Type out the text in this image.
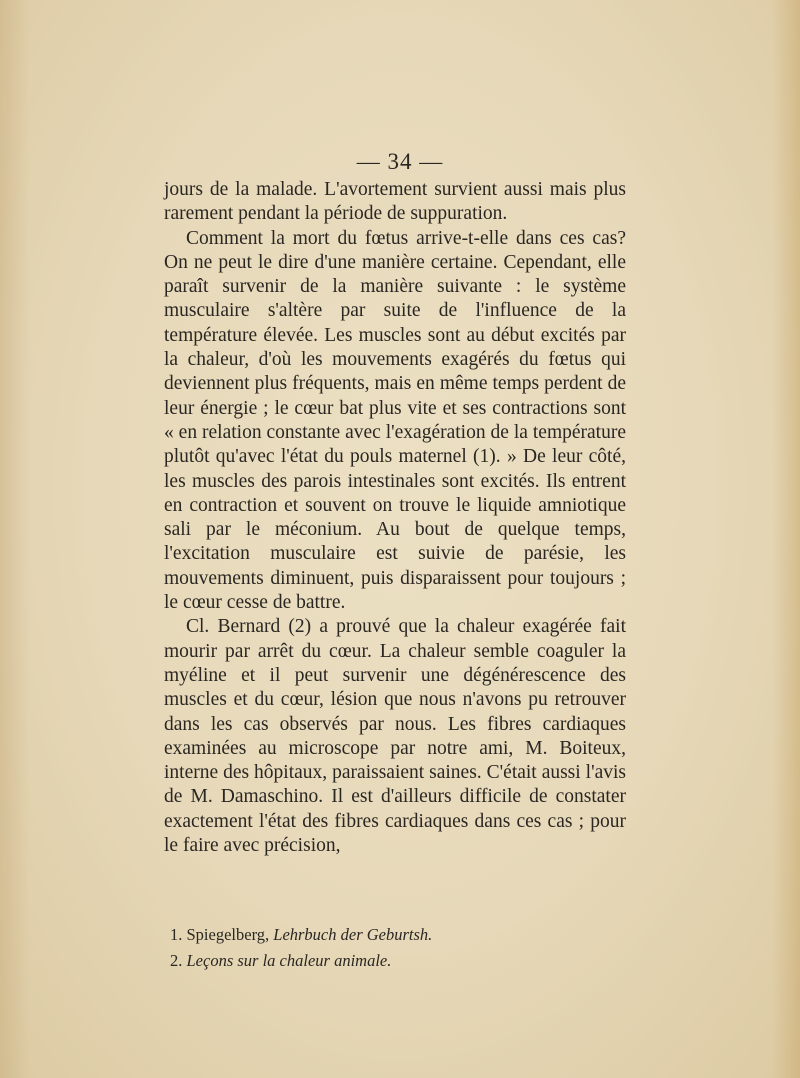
— 34 —

jours de la malade. L'avortement survient aussi mais plus rarement pendant la période de suppuration.

Comment la mort du fœtus arrive-t-elle dans ces cas? On ne peut le dire d'une manière certaine. Cependant, elle paraît survenir de la manière suivante : le système musculaire s'altère par suite de l'influence de la température élevée. Les muscles sont au début excités par la chaleur, d'où les mouvements exagérés du fœtus qui deviennent plus fréquents, mais en même temps perdent de leur énergie ; le cœur bat plus vite et ses contractions sont « en relation constante avec l'exagération de la température plutôt qu'avec l'état du pouls maternel (1). » De leur côté, les muscles des parois intestinales sont excités. Ils entrent en contraction et souvent on trouve le liquide amniotique sali par le méconium. Au bout de quelque temps, l'excitation musculaire est suivie de parésie, les mouvements diminuent, puis disparaissent pour toujours ; le cœur cesse de battre.

Cl. Bernard (2) a prouvé que la chaleur exagérée fait mourir par arrêt du cœur. La chaleur semble coaguler la myéline et il peut survenir une dégénérescence des muscles et du cœur, lésion que nous n'avons pu retrouver dans les cas observés par nous. Les fibres cardiaques examinées au microscope par notre ami, M. Boiteux, interne des hôpitaux, paraissaient saines. C'était aussi l'avis de M. Damaschino. Il est d'ailleurs difficile de constater exactement l'état des fibres cardiaques dans ces cas ; pour le faire avec précision,

1. Spiegelberg, Lehrbuch der Geburtsh.
2. Leçons sur la chaleur animale.
